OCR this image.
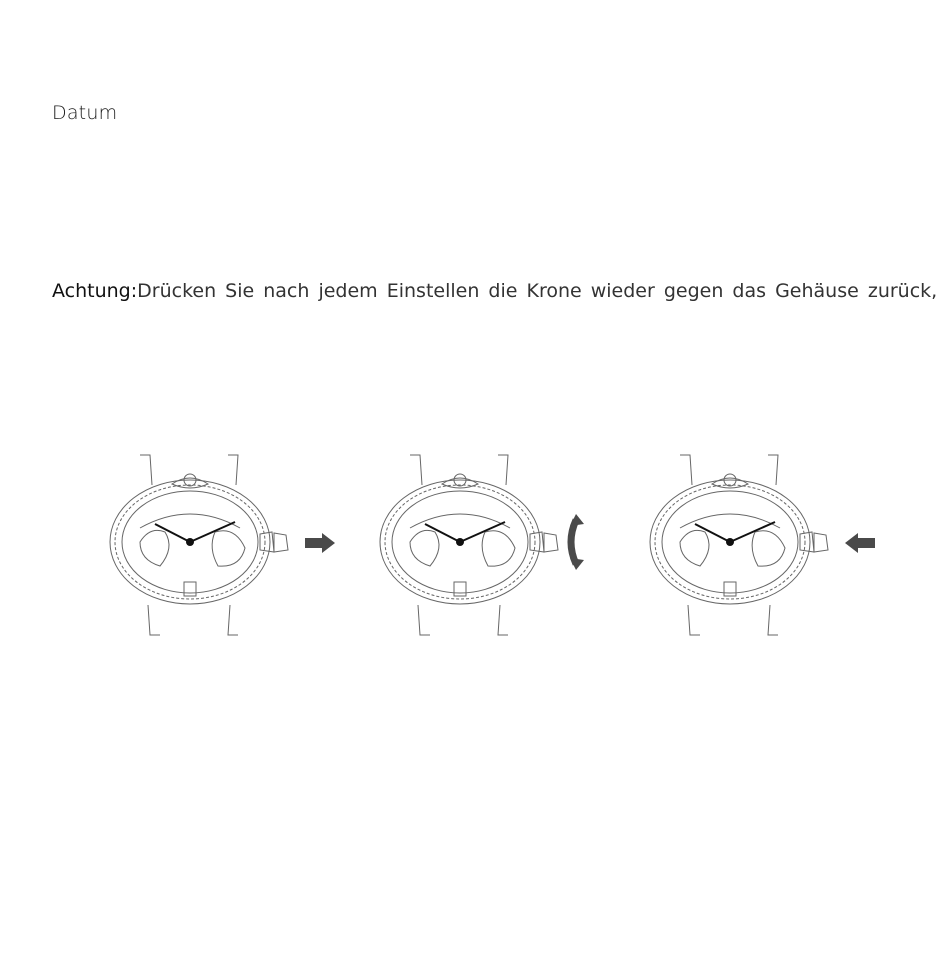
Datum
Achtung: Drücken Sie nach jedem Einstellen die Krone wieder gegen das Gehäuse zurück,
